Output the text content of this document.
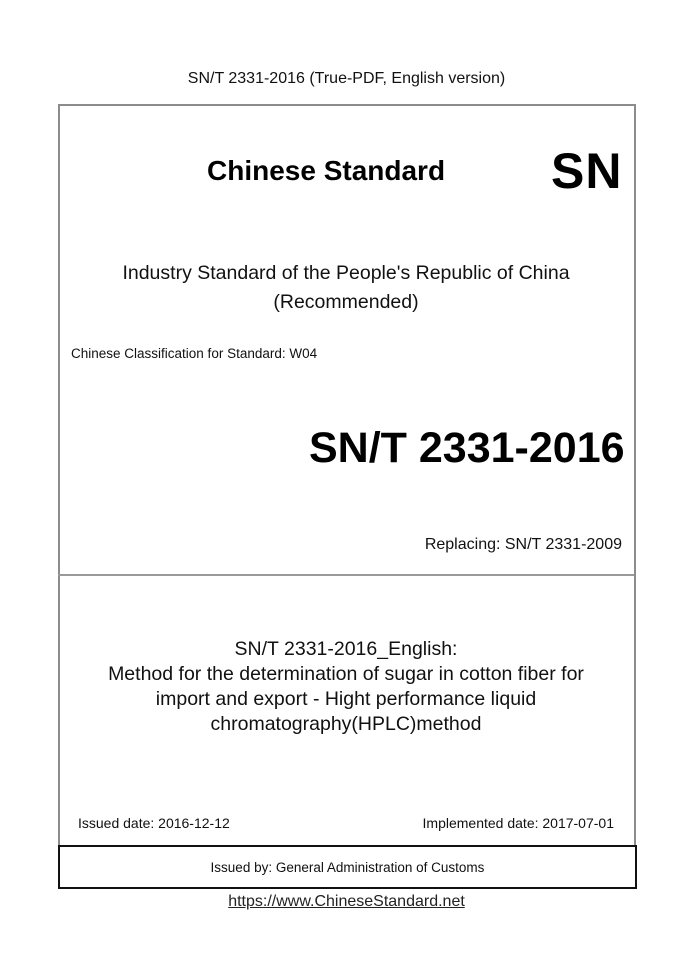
SN/T 2331-2016 (True-PDF, English version)
Chinese Standard SN
Industry Standard of the People's Republic of China
(Recommended)
Chinese Classification for Standard: W04
SN/T 2331-2016
Replacing: SN/T 2331-2009
SN/T 2331-2016_English:
Method for the determination of sugar in cotton fiber for
import and export - Hight performance liquid
chromatography(HPLC)method
Issued date: 2016-12-12	Implemented date: 2017-07-01
Issued by: General Administration of Customs
https://www.ChineseStandard.net
